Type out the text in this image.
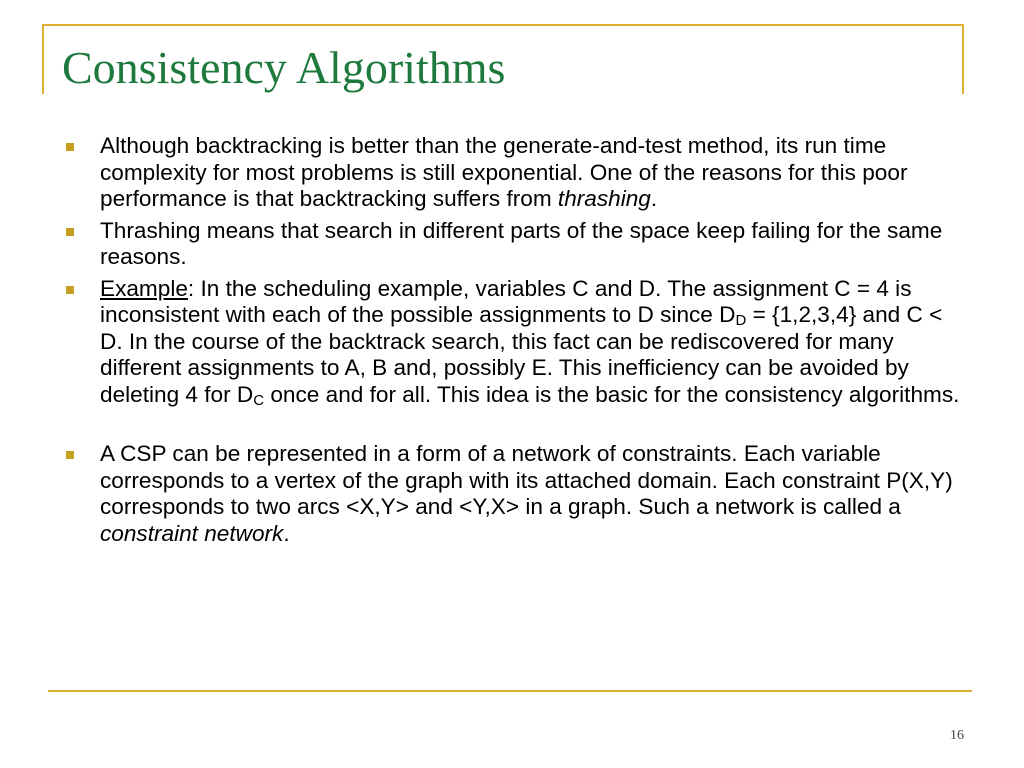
Consistency Algorithms
Although backtracking is better than the generate-and-test method, its run time complexity for most problems is still exponential. One of the reasons for this poor performance is that backtracking suffers from thrashing.
Thrashing means that search in different parts of the space keep failing for the same reasons.
Example: In the scheduling example, variables C and D. The assignment C = 4 is inconsistent with each of the possible assignments to D since $D_D = \{1,2,3,4\}$ and C < D. In the course of the backtrack search, this fact can be rediscovered for many different assignments to A, B and, possibly E. This inefficiency can be avoided by deleting 4 for $D_C$ once and for all. This idea is the basic for the consistency algorithms.
A CSP can be represented in a form of a network of constraints. Each variable corresponds to a vertex of the graph with its attached domain. Each constraint P(X,Y) corresponds to two arcs <X,Y> and <Y,X> in a graph. Such a network is called a constraint network.
16
